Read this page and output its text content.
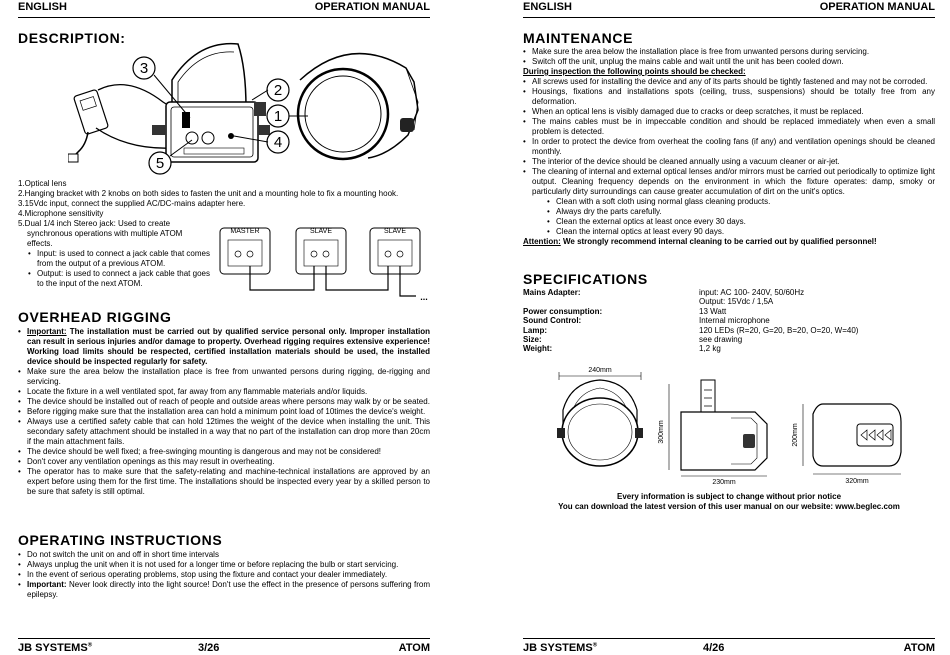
ENGLISH	OPERATION MANUAL
DESCRIPTION:
3
5
2
1
4
1.Optical lens
2.Hanging bracket with 2 knobs on both sides to fasten the unit and a mounting hole to fix a mounting hook.
3.15Vdc input, connect the supplied AC/DC-mains adapter here.
4.Microphone sensitivity
5.Dual 1/4 inch Stereo jack: Used to create
synchronous operations with multiple ATOM effects.
• Input: is used to connect a jack cable that comes from the output of a previous ATOM.
• Output: is used to connect a jack cable that goes to the input of the next ATOM.
MASTER	SLAVE	SLAVE
...
OVERHEAD RIGGING
• Important: The installation must be carried out by qualified service personal only. Improper installation can result in serious injuries and/or damage to property. Overhead rigging requires extensive experience! Working load limits should be respected, certified installation materials should be used, the installed device should be inspected regularly for safety.
• Make sure the area below the installation place is free from unwanted persons during rigging, de-rigging and servicing.
• Locate the fixture in a well ventilated spot, far away from any flammable materials and/or liquids.
• The device should be installed out of reach of people and outside areas where persons may walk by or be seated.
• Before rigging make sure that the installation area can hold a minimum point load of 10times the device's weight.
• Always use a certified safety cable that can hold 12times the weight of the device when installing the unit. This secondary safety attachment should be installed in a way that no part of the installation can drop more than 20cm if the main attachment fails.
• The device should be well fixed; a free-swinging mounting is dangerous and may not be considered!
• Don't cover any ventilation openings as this may result in overheating.
• The operator has to make sure that the safety-relating and machine-technical installations are approved by an expert before using them for the first time. The installations should be inspected every year by a skilled person to be sure that safety is still optimal.
OPERATING INSTRUCTIONS
• Do not switch the unit on and off in short time intervals
• Always unplug the unit when it is not used for a longer time or before replacing the bulb or start servicing.
• In the event of serious operating problems, stop using the fixture and contact your dealer immediately.
• Important: Never look directly into the light source! Don't use the effect in the presence of persons suffering from epilepsy.
JB SYSTEMS®	3/26	ATOM
ENGLISH	OPERATION MANUAL
MAINTENANCE
• Make sure the area below the installation place is free from unwanted persons during servicing.
• Switch off the unit, unplug the mains cable and wait until the unit has been cooled down.
During inspection the following points should be checked:
• All screws used for installing the device and any of its parts should be tightly fastened and may not be corroded.
• Housings, fixations and installations spots (ceiling, truss, suspensions) should be totally free from any deformation.
• When an optical lens is visibly damaged due to cracks or deep scratches, it must be replaced.
• The mains cables must be in impeccable condition and should be replaced immediately when even a small problem is detected.
• In order to protect the device from overheat the cooling fans (if any) and ventilation openings should be cleaned monthly.
• The interior of the device should be cleaned annually using a vacuum cleaner or air-jet.
• The cleaning of internal and external optical lenses and/or mirrors must be carried out periodically to optimize light output. Cleaning frequency depends on the environment in which the fixture operates: damp, smoky or particularly dirty surroundings can cause greater accumulation of dirt on the unit's optics.
• Clean with a soft cloth using normal glass cleaning products.
• Always dry the parts carefully.
• Clean the external optics at least once every 30 days.
• Clean the internal optics at least every 90 days.
Attention: We strongly recommend internal cleaning to be carried out by qualified personnel!
SPECIFICATIONS
Mains Adapter:	input: AC 100- 240V, 50/60Hz
Output: 15Vdc / 1,5A
Power consumption:	13 Watt
Sound Control:	Internal microphone
Lamp:	120 LEDs (R=20, G=20, B=20, O=20, W=40)
Size:	see drawing
Weight:	1,2 kg
240mm
300mm
230mm
200mm
320mm
Every information is subject to change without prior notice
You can download the latest version of this user manual on our website: www.beglec.com
JB SYSTEMS®	4/26	ATOM
